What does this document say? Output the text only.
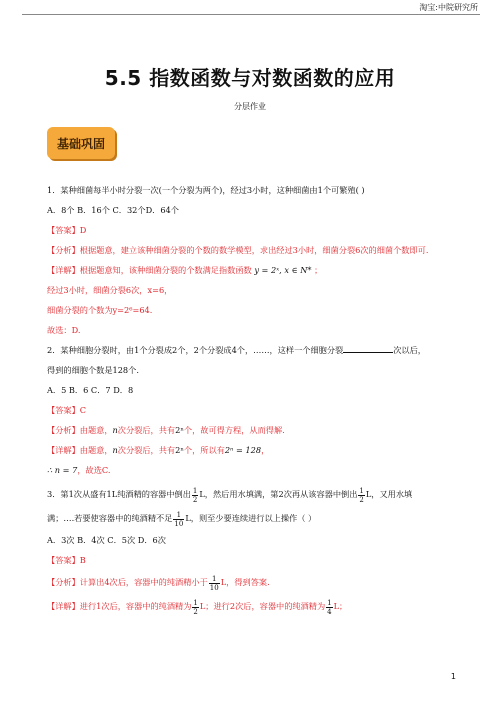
淘宝:中院研究所
5.5 指数函数与对数函数的应用
分层作业
基础巩固

1．某种细菌每半小时分裂一次(一个分裂为两个)，经过3小时，这种细菌由1个可繁殖( )

A．8个 B．16个 C．32个D．64个

【答案】D

【分析】根据题意，建立该种细菌分裂的个数的数学模型，求出经过3小时，细菌分裂6次的细菌个数即可.

【详解】根据题意知，该种细菌分裂的个数满足指数函数 y = 2ˣ, x ∈ N* ；

经过3小时，细菌分裂6次，x=6，

细菌分裂的个数为y=2⁶=64.

故选：D.

2．某种细胞分裂时，由1个分裂成2个，2个分裂成4个，……，这样一个细胞分裂	次以后，

得到的细胞个数是128个.

A．5 B．6 C．7 D．8

【答案】C

【分析】由题意，n次分裂后，共有2ⁿ个，故可得方程，从而得解.

【详解】由题意，n次分裂后，共有2ⁿ个，所以有2ⁿ = 128，

∴ n = 7，故选C.

3．第1次从盛有1L纯酒精的容器中倒出 $\frac{1}{2}$ L，然后用水填满，第2次再从该容器中倒出 $\frac{1}{2}$ L，又用水填

满；….若要使容器中的纯酒精不足 $\frac{1}{10}$ L，则至少要连续进行以上操作（ ）

A．3次 B．4次 C．5次 D．6次

【答案】B

【分析】计算出4次后，容器中的纯酒精小于 $\frac{1}{10}$ L，得到答案.

【详解】进行1次后，容器中的纯酒精为 $\frac{1}{2}$ L；进行2次后，容器中的纯酒精为 $\frac{1}{4}$ L；

1
